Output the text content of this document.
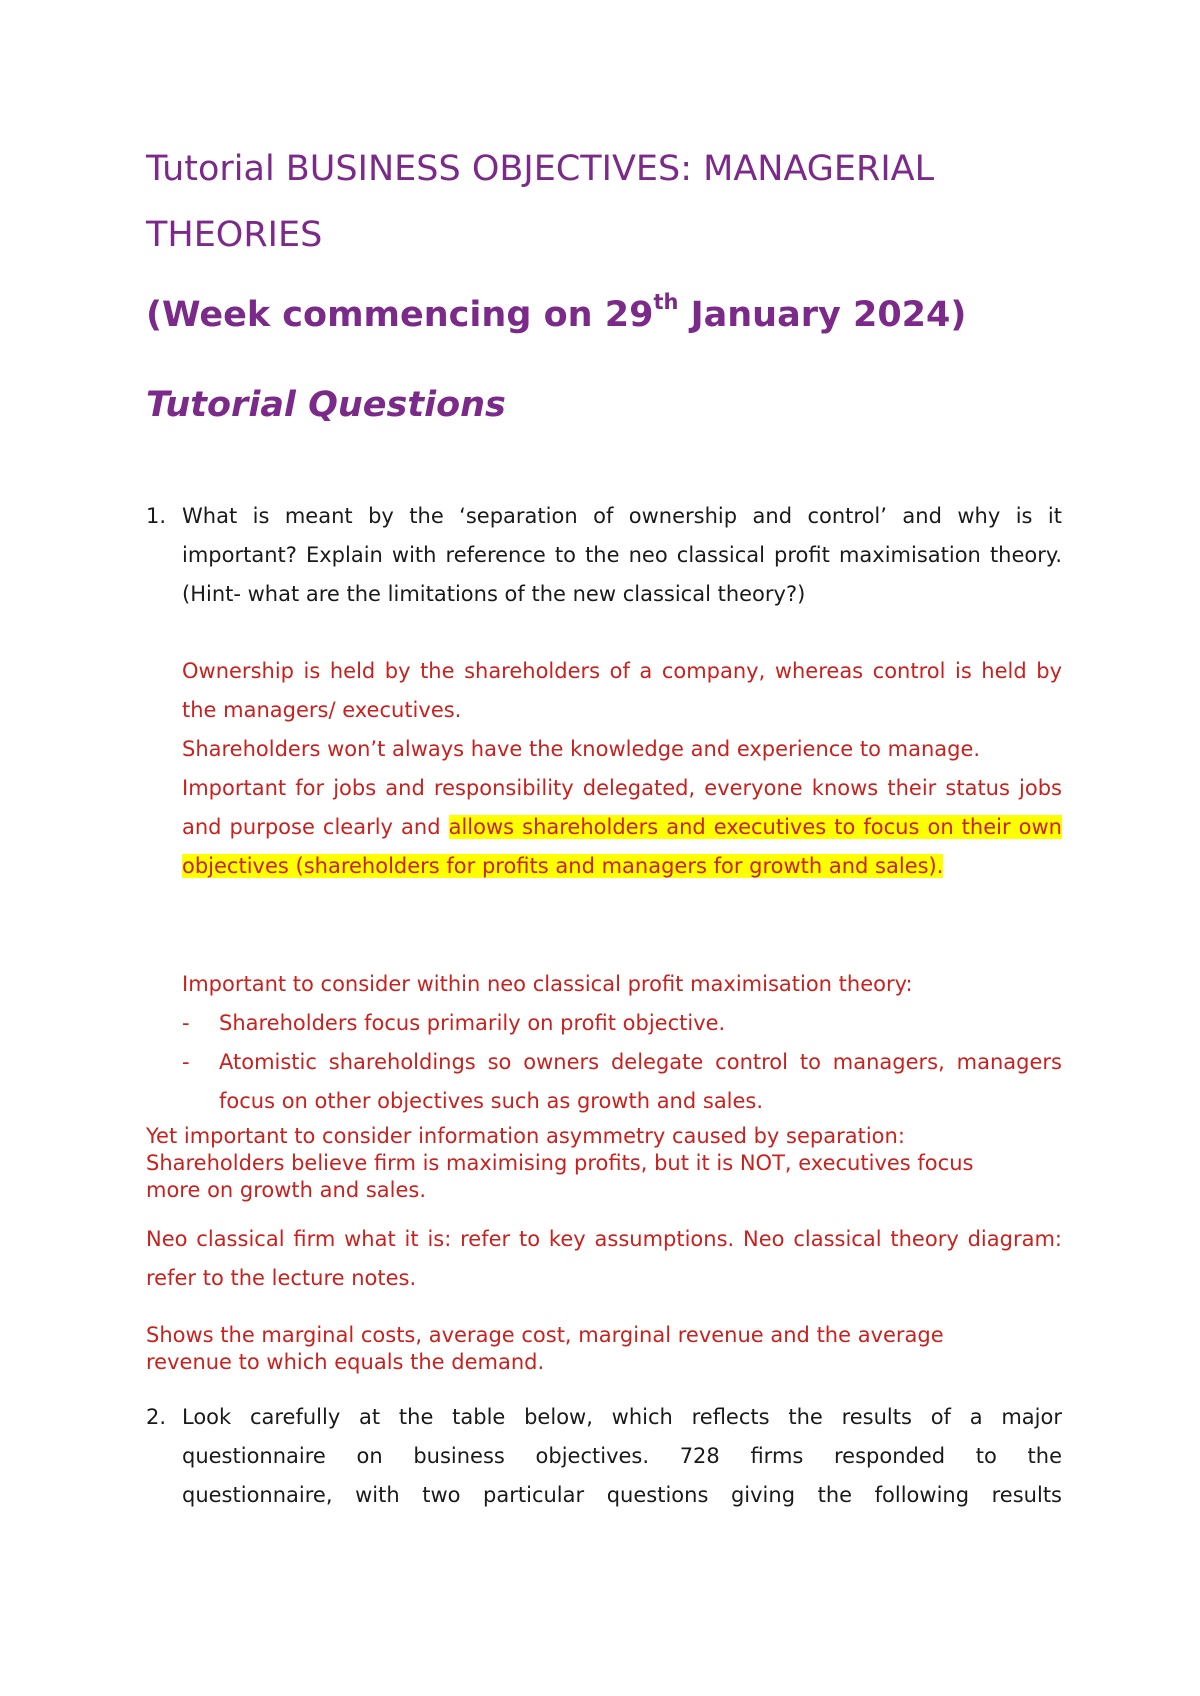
Tutorial BUSINESS OBJECTIVES: MANAGERIAL
THEORIES
(Week commencing on 29th January 2024)
Tutorial Questions
1. What is meant by the ‘separation of ownership and control’ and why is it important? Explain with reference to the neo classical profit maximisation theory. (Hint- what are the limitations of the new classical theory?)

Ownership is held by the shareholders of a company, whereas control is held by the managers/ executives.

Shareholders won’t always have the knowledge and experience to manage.

Important for jobs and responsibility delegated, everyone knows their status jobs and purpose clearly and allows shareholders and executives to focus on their own objectives (shareholders for profits and managers for growth and sales).

Important to consider within neo classical profit maximisation theory:

- Shareholders focus primarily on profit objective.

- Atomistic shareholdings so owners delegate control to managers, managers focus on other objectives such as growth and sales.

Yet important to consider information asymmetry caused by separation:
Shareholders believe firm is maximising profits, but it is NOT, executives focus
more on growth and sales.

Neo classical firm what it is: refer to key assumptions. Neo classical theory diagram: refer to the lecture notes.

Shows the marginal costs, average cost, marginal revenue and the average
revenue to which equals the demand.

2. Look carefully at the table below, which reflects the results of a major
questionnaire on business objectives. 728 firms responded to the
questionnaire, with two particular questions giving the following results
